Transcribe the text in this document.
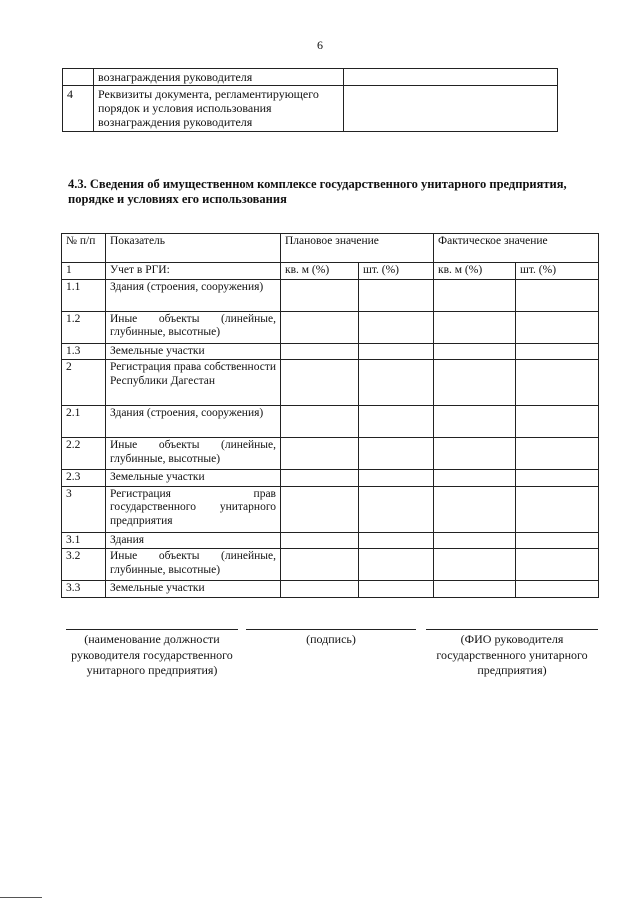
6
	вознаграждения руководителя	
4	Реквизиты документа, регламентирующего порядок и условия использования вознаграждения руководителя	
4.3. Сведения об имущественном комплексе государственного унитарного предприятия, порядке и условиях его использования
№ п/п	Показатель	Плановое значение		Фактическое значение	
1	Учет в РГИ:	кв. м (%)	шт. (%)	кв. м (%)	шт. (%)
1.1	Здания (строения, сооружения)				
1.2	Иные объекты (линейные, глубинные, высотные)				
1.3	Земельные участки				
2	Регистрация права собственности Республики Дагестан				
2.1	Здания (строения, сооружения)				
2.2	Иные объекты (линейные, глубинные, высотные)				
2.3	Земельные участки				
3	Регистрация прав государственного унитарного предприятия				
3.1	Здания				
3.2	Иные объекты (линейные, глубинные, высотные)				
3.3	Земельные участки				
(наименование должности руководителя государственного унитарного предприятия)
(подпись)	(ФИО руководителя государственного унитарного предприятия)
